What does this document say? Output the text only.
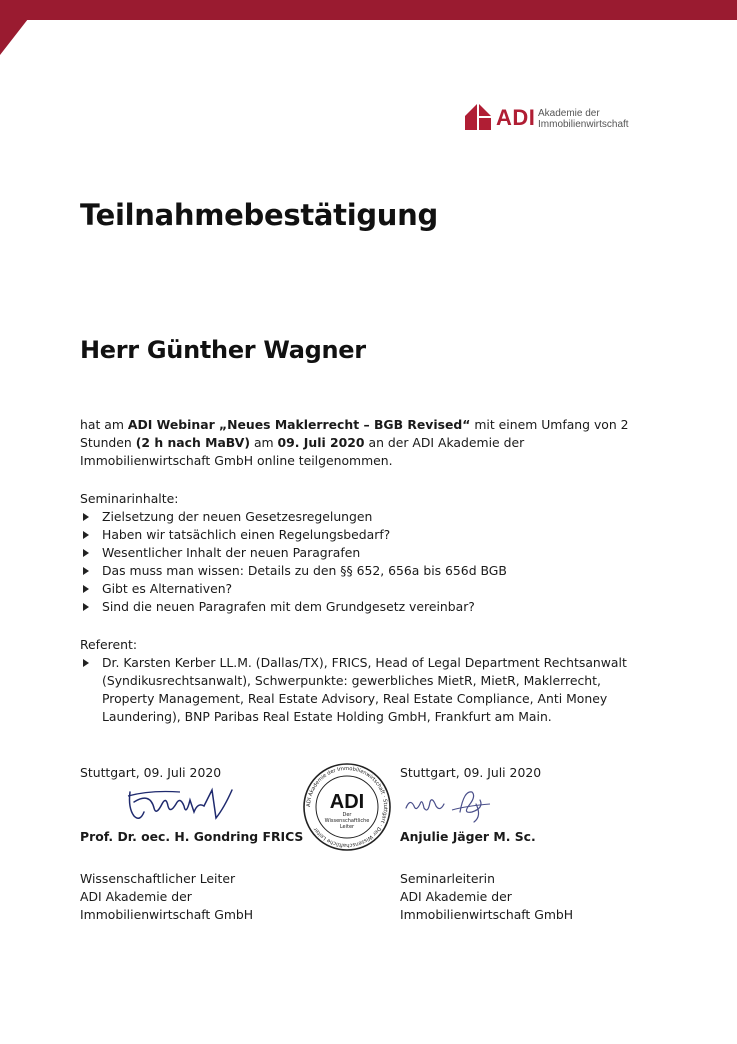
ADI Akademie der
Immobilienwirtschaft
Teilnahmebestätigung
Herr Günther Wagner
hat am ADI Webinar „Neues Maklerrecht – BGB Revised“ mit einem Umfang von 2 Stunden (2 h nach MaBV) am 09. Juli 2020 an der ADI Akademie der Immobilienwirtschaft GmbH online teilgenommen.
Seminarinhalte:
Zielsetzung der neuen Gesetzesregelungen
Haben wir tatsächlich einen Regelungsbedarf?
Wesentlicher Inhalt der neuen Paragrafen
Das muss man wissen: Details zu den §§ 652, 656a bis 656d BGB
Gibt es Alternativen?
Sind die neuen Paragrafen mit dem Grundgesetz vereinbar?
Referent:
Dr. Karsten Kerber LL.M. (Dallas/TX), FRICS, Head of Legal Department Rechtsanwalt (Syndikusrechtsanwalt), Schwerpunkte: gewerbliches MietR, MietR, Maklerrecht, Property Management, Real Estate Advisory, Real Estate Compliance, Anti Money Laundering), BNP Paribas Real Estate Holding GmbH, Frankfurt am Main.
Stuttgart, 09. Juli 2020
Prof. Dr. oec. H. Gondring FRICS
Wissenschaftlicher Leiter
ADI Akademie der
Immobilienwirtschaft GmbH
ADI Akademie der Immobilienwirtschaft · Stuttgart · Der Wissenschaftliche Leiter
ADI
Der
Wissenschaftliche
Leiter
Stuttgart, 09. Juli 2020
Anjulie Jäger M. Sc.
Seminarleiterin
ADI Akademie der
Immobilienwirtschaft GmbH
